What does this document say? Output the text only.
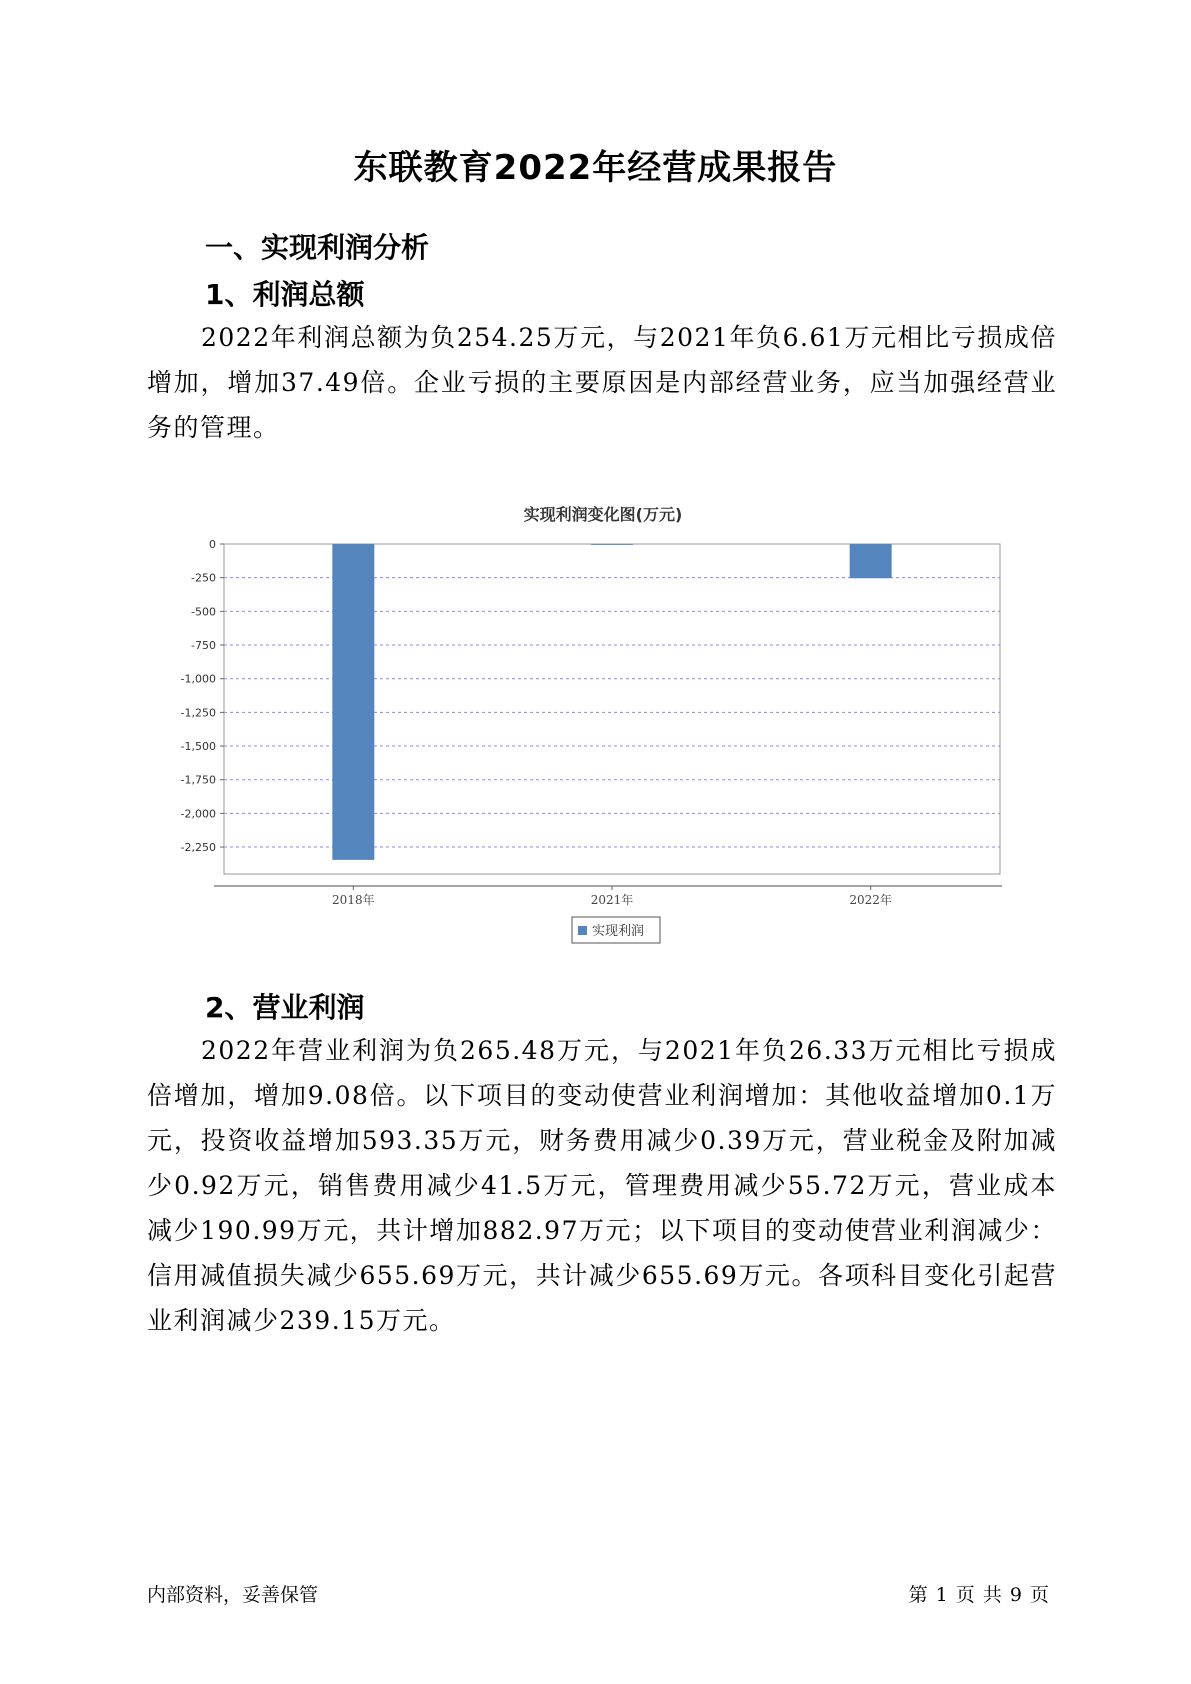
东联教育2022年经营成果报告
一、实现利润分析
1、利润总额

2022年利润总额为负254.25万元，与2021年负6.61万元相比亏损成倍增加，增加37.49倍。企业亏损的主要原因是内部经营业务，应当加强经营业务的管理。

实现利润变化图(万元)
0
-250
-500
-750
-1,000
-1,250
-1,500
-1,750
-2,000
-2,250
2018年	2021年	2022年
实现利润
内部资料，妥善保管	第 1 页 共 9 页
2、营业利润

2022年营业利润为负265.48万元，与2021年负26.33万元相比亏损成倍增加，增加9.08倍。以下项目的变动使营业利润增加：其他收益增加0.1万元，投资收益增加593.35万元，财务费用减少0.39万元，营业税金及附加减少0.92万元，销售费用减少41.5万元，管理费用减少55.72万元，营业成本减少190.99万元，共计增加882.97万元；以下项目的变动使营业利润减少：信用减值损失减少655.69万元，共计减少655.69万元。各项科目变化引起营业利润减少239.15万元。
